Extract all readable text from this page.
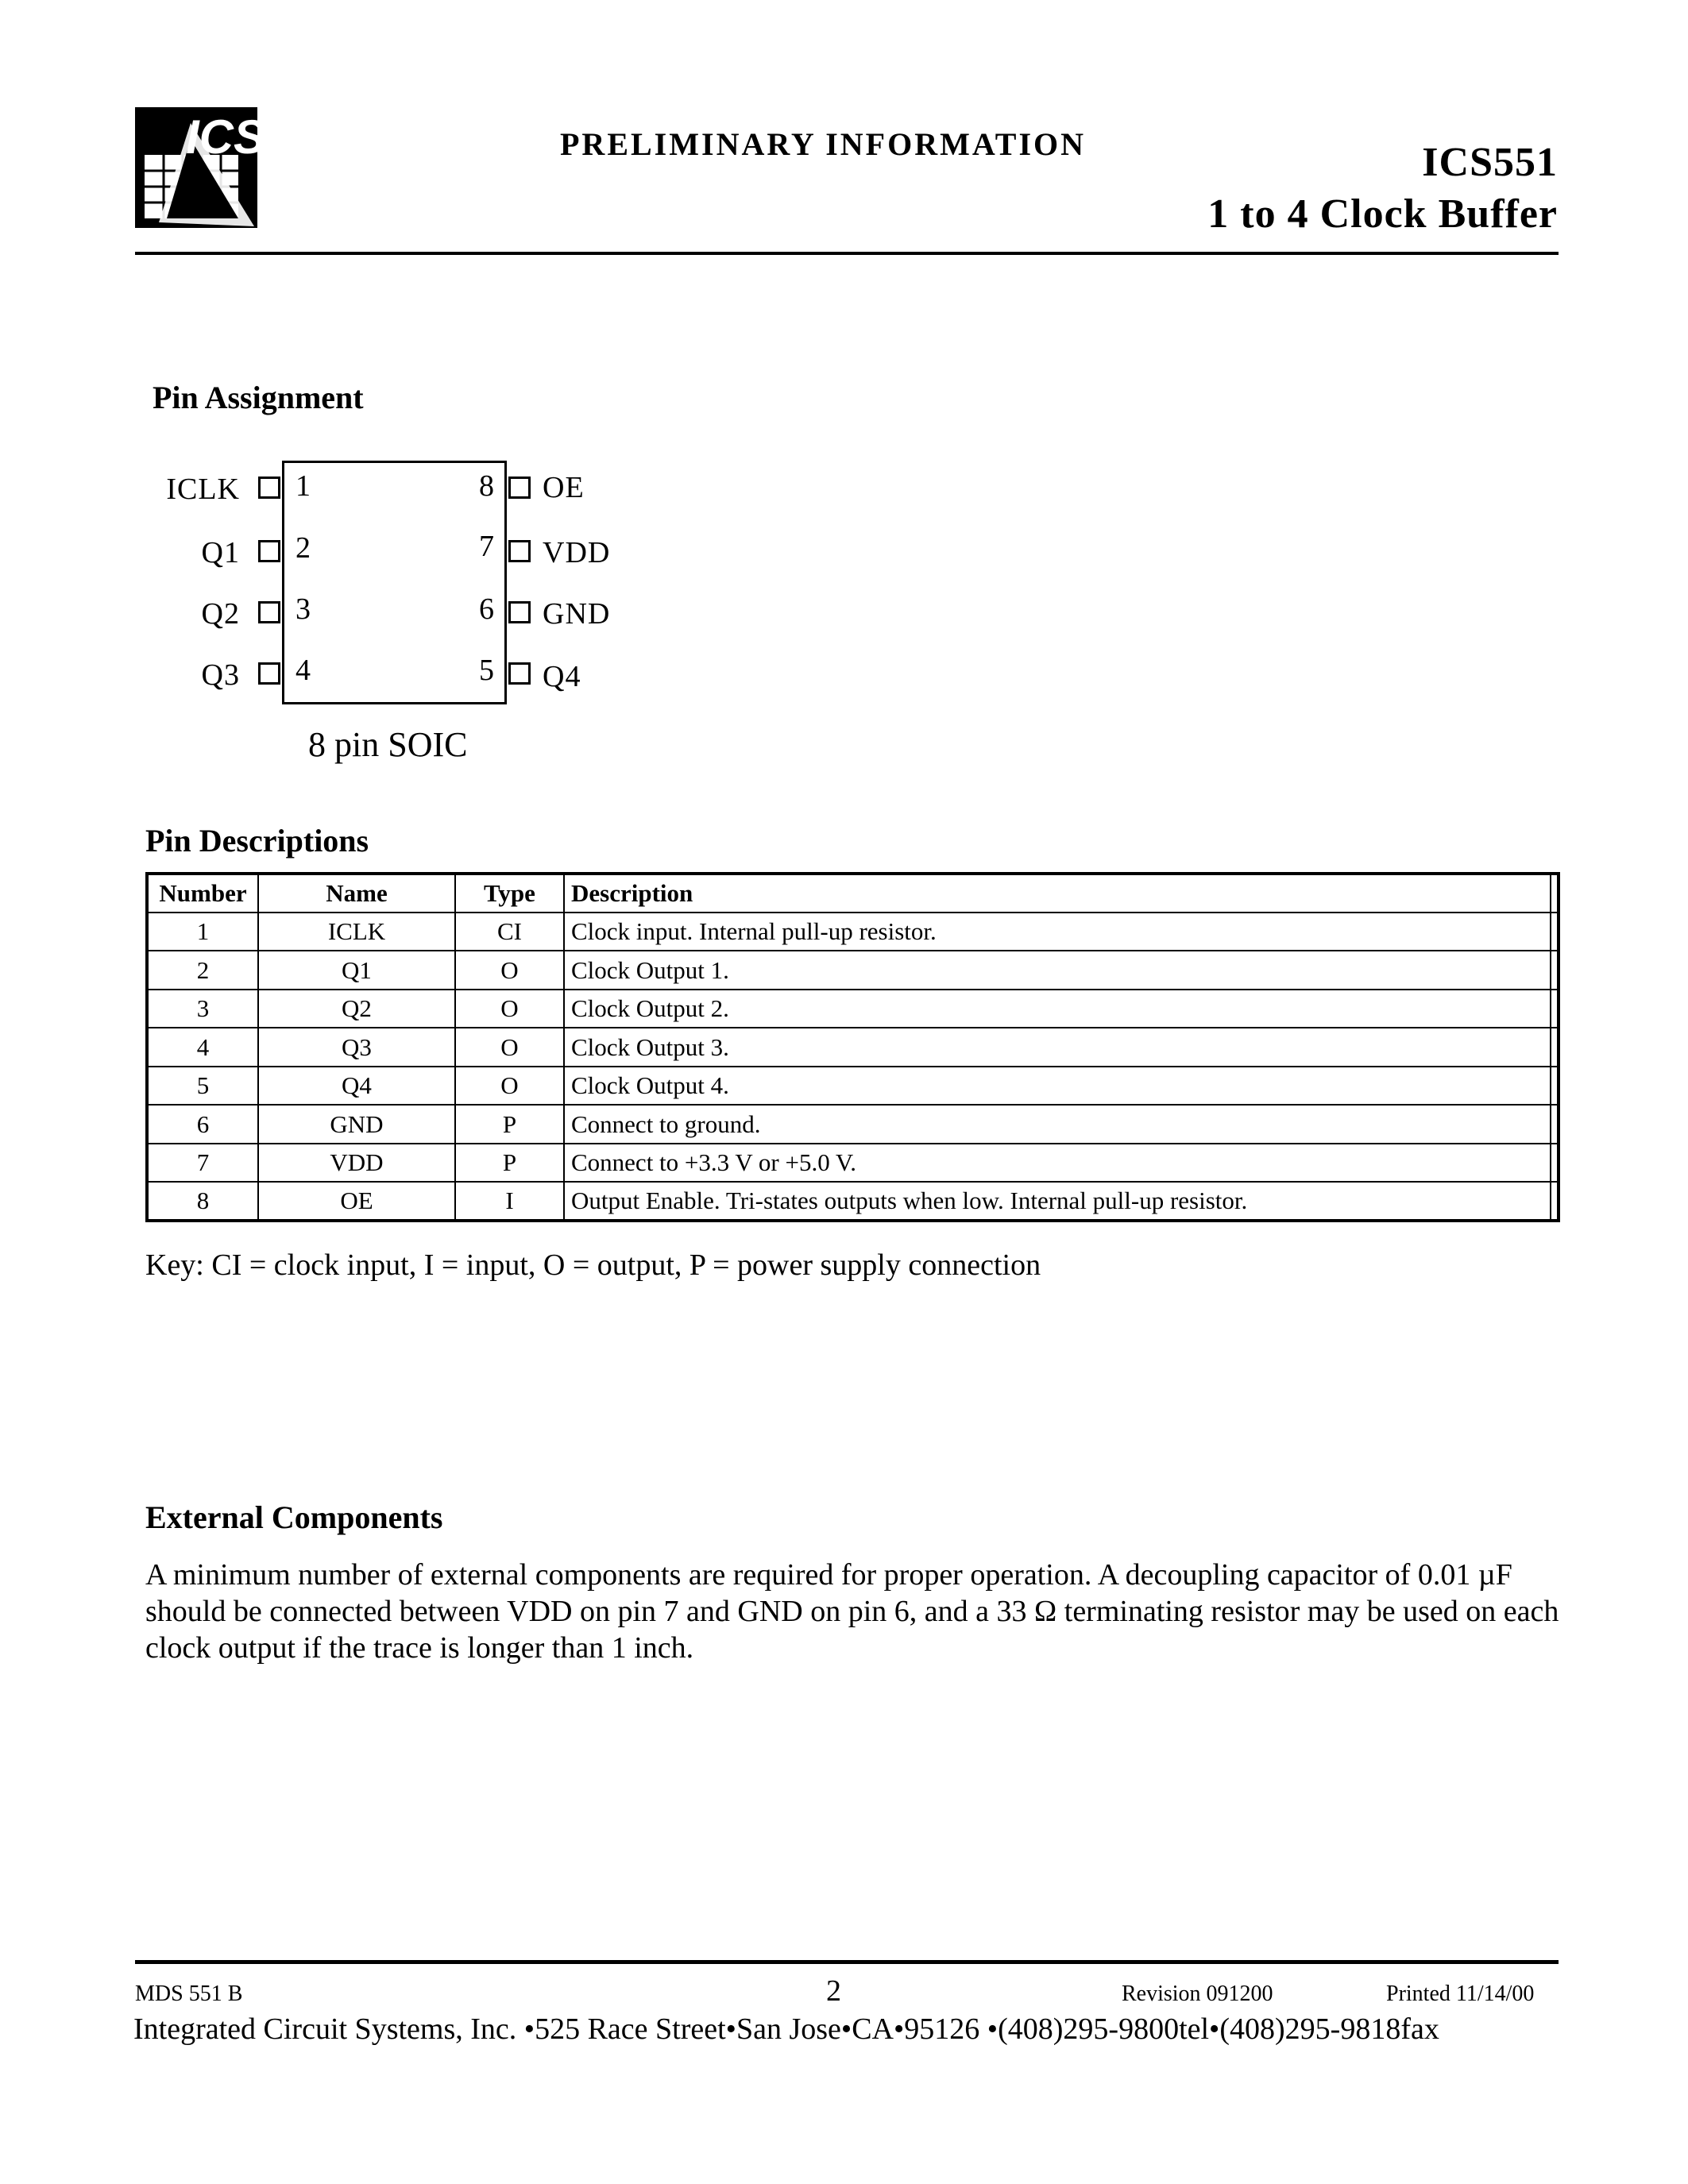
ICS	PRELIMINARY INFORMATION	ICS551
1 to 4 Clock Buffer
Pin Assignment
ICLK 1
Q1 2
Q2 3
Q3 4
8 OE
7 VDD
6 GND
5 Q4
8 pin SOIC
Pin Descriptions
Number	Name	Type	Description	
1	ICLK	CI	Clock input. Internal pull-up resistor.	
2	Q1	O	Clock Output 1.	
3	Q2	O	Clock Output 2.	
4	Q3	O	Clock Output 3.	
5	Q4	O	Clock Output 4.	
6	GND	P	Connect to ground.	
7	VDD	P	Connect to +3.3 V or +5.0 V.	
8	OE	I	Output Enable. Tri-states outputs when low. Internal pull-up resistor.	
Key: CI = clock input, I = input, O = output, P = power supply connection
External Components

A minimum number of external components are required for proper operation. A decoupling capacitor of 0.01 µF should be connected between VDD on pin 7 and GND on pin 6, and a 33 Ω terminating resistor may be used on each clock output if the trace is longer than 1 inch.

MDS 551 B	2	Revision 091200	Printed 11/14/00
Integrated Circuit Systems, Inc. •525 Race Street•San Jose•CA•95126 •(408)295-9800tel•(408)295-9818fax
